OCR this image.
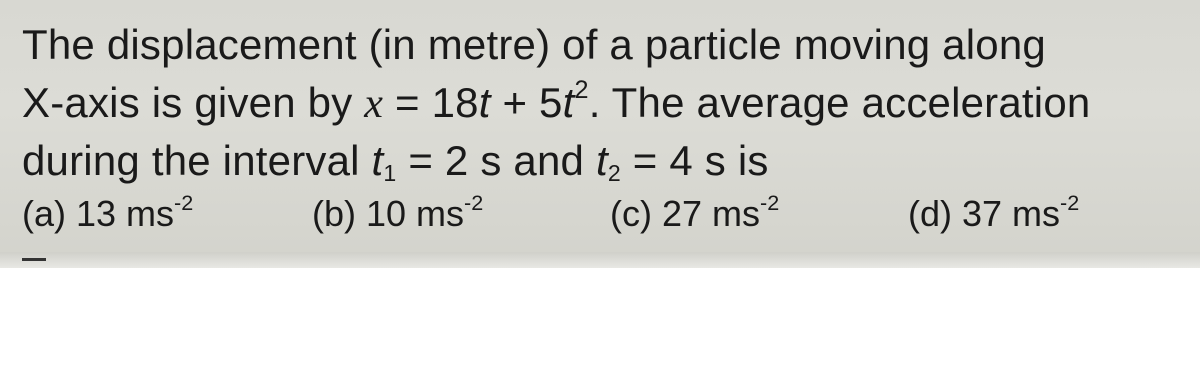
The displacement (in metre) of a particle moving along
X-axis is given by $x = 18t + 5t^2$. The average acceleration
during the interval $t_1 = 2$ s and $t_2 = 4$ s is
(a) 13 $ms^{-2}$	(b) 10 $ms^{-2}$	(c) 27 $ms^{-2}$	(d) 37 $ms^{-2}$
